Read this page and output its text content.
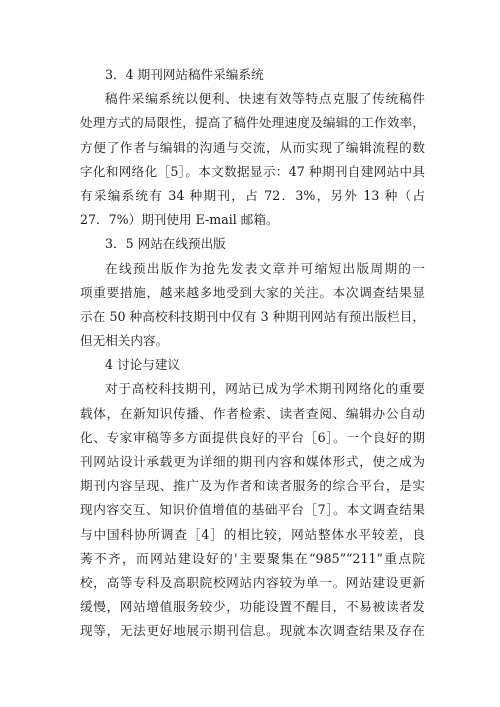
3．4 期刊网站稿件采编系统
稿件采编系统以便利、快速有效等特点克服了传统稿件
处理方式的局限性，提高了稿件处理速度及编辑的工作效率，
方便了作者与编辑的沟通与交流，从而实现了编辑流程的数
字化和网络化［5］。本文数据显示：47 种期刊自建网站中具
有采编系统有 34 种期刊，占 72．3%，另外 13 种（占
27．7%）期刊使用 E-mail 邮箱。
3．5 网站在线预出版
在线预出版作为抢先发表文章并可缩短出版周期的一
项重要措施，越来越多地受到大家的关注。本次调查结果显
示在 50 种高校科技期刊中仅有 3 种期刊网站有预出版栏目，
但无相关内容。
4 讨论与建议
对于高校科技期刊，网站已成为学术期刊网络化的重要
载体，在新知识传播、作者检索、读者查阅、编辑办公自动
化、专家审稿等多方面提供良好的平台［6］。一个良好的期
刊网站设计承载更为详细的期刊内容和媒体形式，使之成为
期刊内容呈现、推广及为作者和读者服务的综合平台，是实
现内容交互、知识价值增值的基础平台［7］。本文调查结果
与中国科协所调查［4］的相比较，网站整体水平较差，良
莠不齐，而网站建设好的'主要聚集在“985”“211”重点院
校，高等专科及高职院校网站内容较为单一。网站建设更新
缓慢，网站增值服务较少，功能设置不醒目，不易被读者发
现等，无法更好地展示期刊信息。现就本次调查结果及存在
